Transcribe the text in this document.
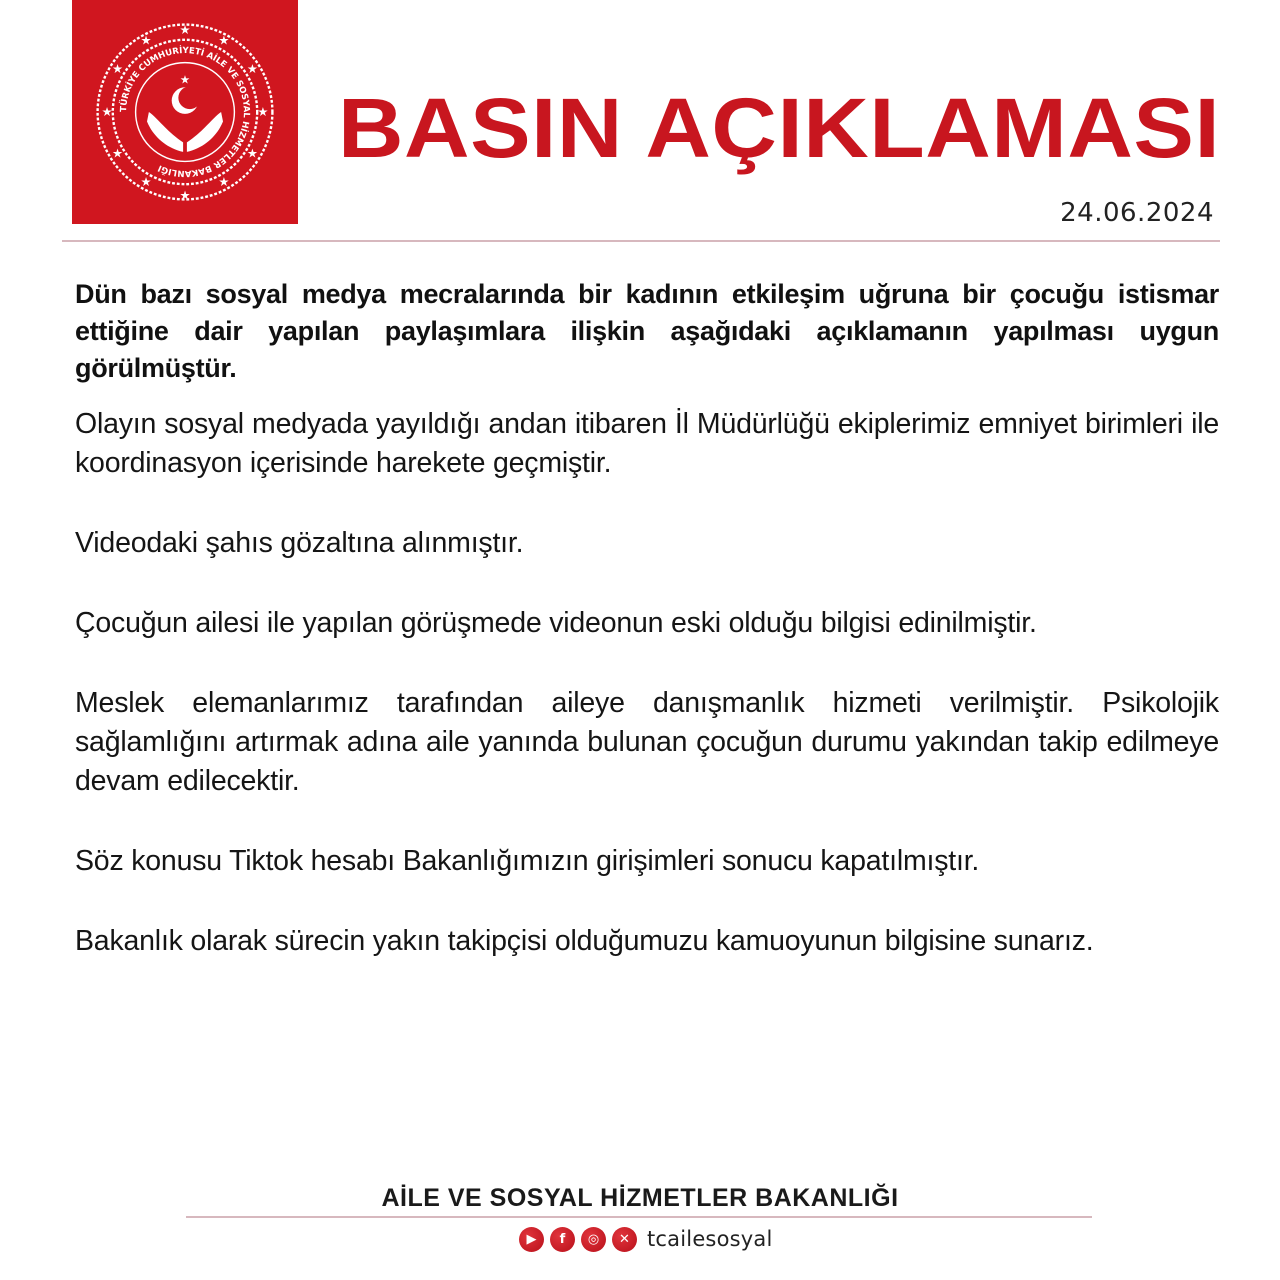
TÜRKİYE CUMHURİYETİ AİLE VE SOSYAL HİZMETLER BAKANLIĞI
★
★
★
★
★
★
★
★
★
★
★
★
★
BASIN AÇIKLAMASI
24.06.2024

Dün bazı sosyal medya mecralarında bir kadının etkileşim uğruna bir çocuğu istismar ettiğine dair yapılan paylaşımlara ilişkin aşağıdaki açıklamanın yapılması uygun görülmüştür.

Olayın sosyal medyada yayıldığı andan itibaren İl Müdürlüğü ekiplerimiz emniyet birimleri ile koordinasyon içerisinde harekete geçmiştir.

Videodaki şahıs gözaltına alınmıştır.

Çocuğun ailesi ile yapılan görüşmede videonun eski olduğu bilgisi edinilmiştir.

Meslek elemanlarımız tarafından aileye danışmanlık hizmeti verilmiştir. Psikolojik sağlamlığını artırmak adına aile yanında bulunan çocuğun durumu yakından takip edilmeye devam edilecektir.

Söz konusu Tiktok hesabı Bakanlığımızın girişimleri sonucu kapatılmıştır.

Bakanlık olarak sürecin yakın takipçisi olduğumuzu kamuoyunun bilgisine sunarız.

AİLE VE SOSYAL HİZMETLER BAKANLIĞI
▶	f	◎	✕ tcailesosyal
